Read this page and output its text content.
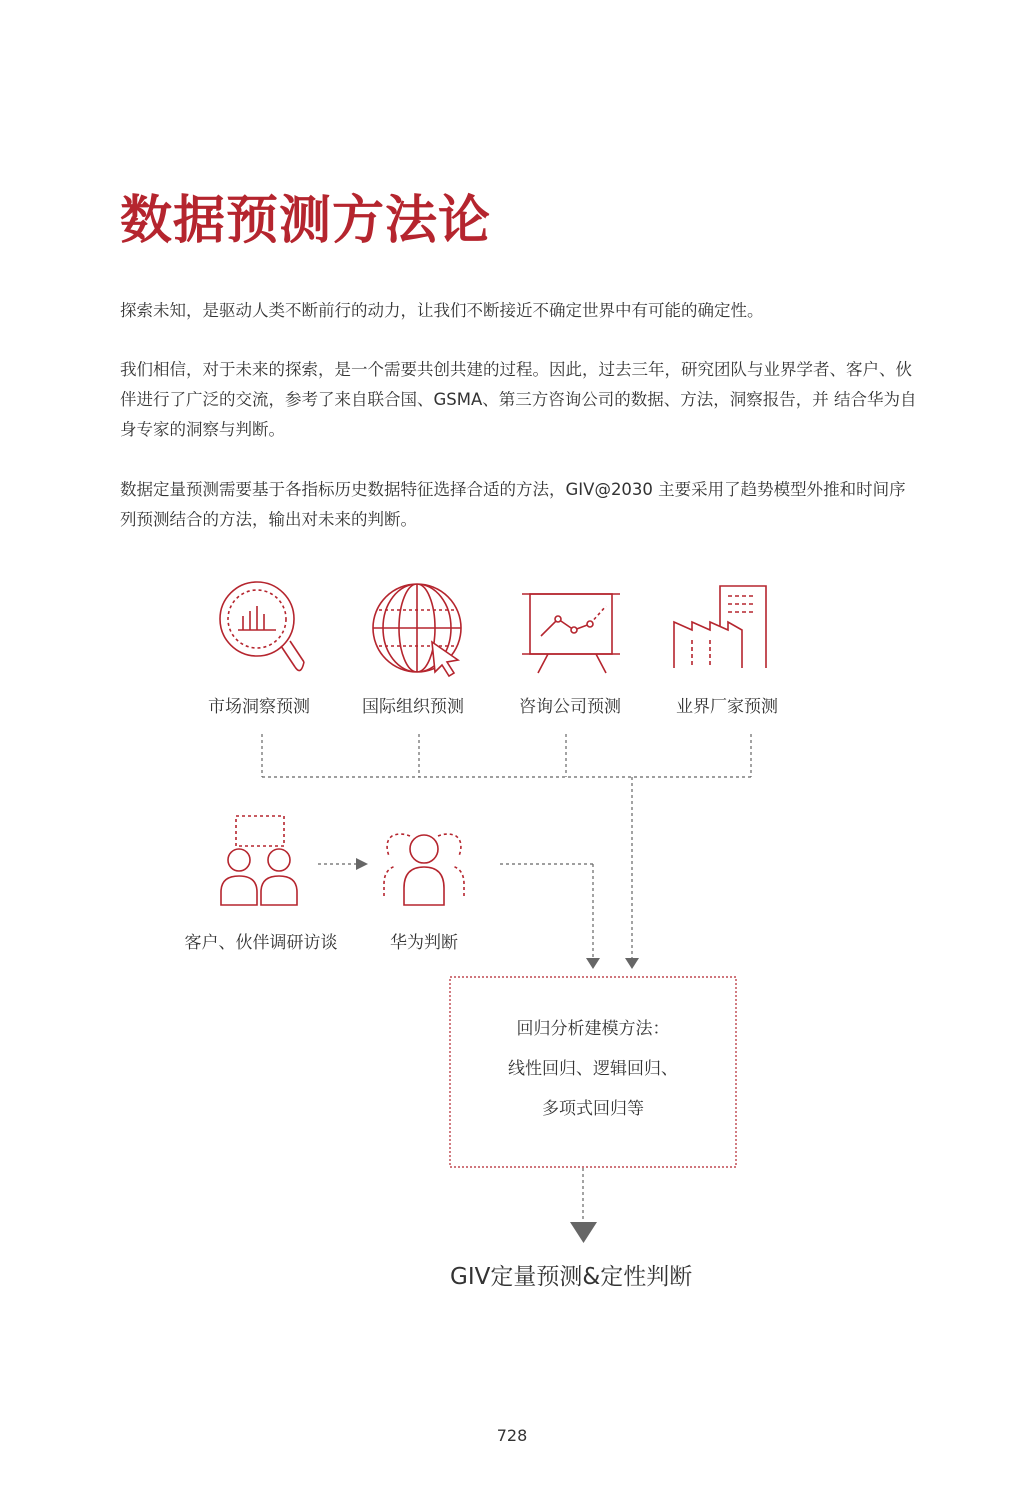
数据预测方法论

探索未知，是驱动人类不断前行的动力，让我们不断接近不确定世界中有可能的确定性。

我们相信，对于未来的探索，是一个需要共创共建的过程。因此，过去三年，研究团队与业界学者、客户、伙伴进行了广泛的交流，参考了来自联合国、GSMA、第三方咨询公司的数据、方法，洞察报告，并 结合华为自身专家的洞察与判断。

数据定量预测需要基于各指标历史数据特征选择合适的方法，GIV@2030 主要采用了趋势模型外推和时间序列预测结合的方法，输出对未来的判断。

市场洞察预测	国际组织预测	咨询公司预测	业界厂家预测
客户、伙伴调研访谈	华为判断
回归分析建模方法：
线性回归、逻辑回归、
多项式回归等
GIV定量预测&定性判断
728
